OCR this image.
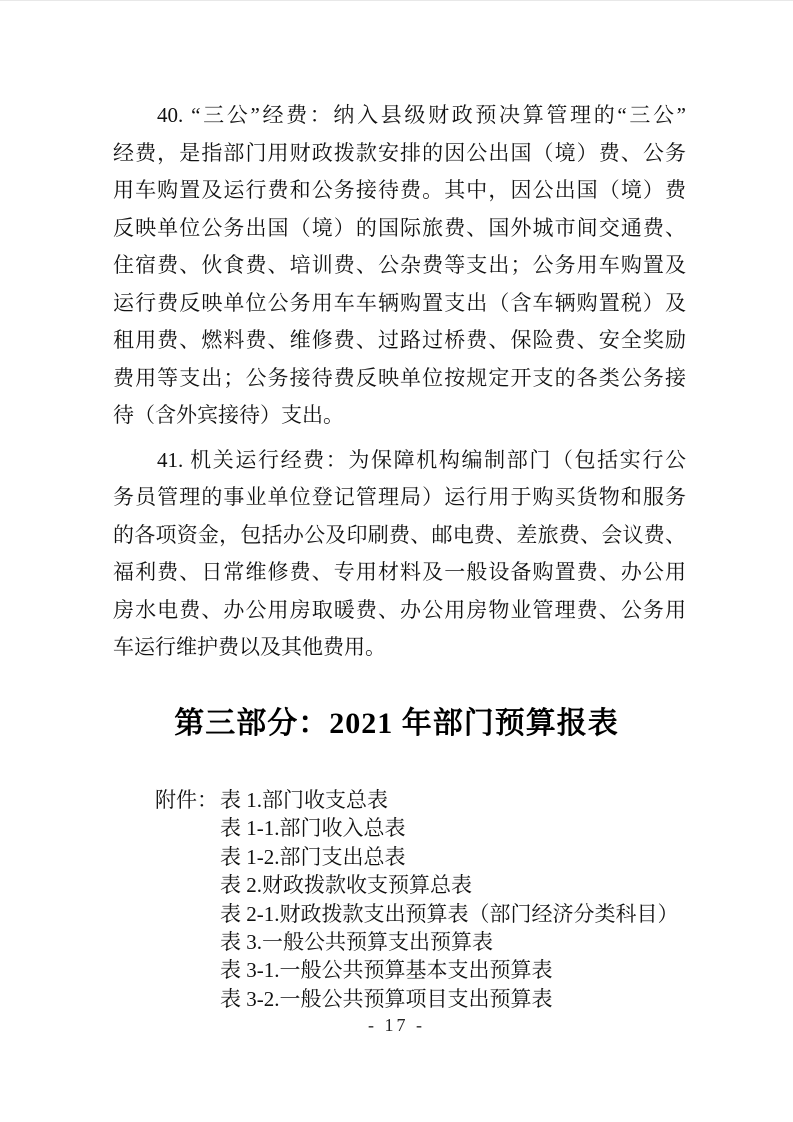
40. “三公”经费：纳入县级财政预决算管理的“三公”
经费，是指部门用财政拨款安排的因公出国（境）费、公务
用车购置及运行费和公务接待费。其中，因公出国（境）费
反映单位公务出国（境）的国际旅费、国外城市间交通费、
住宿费、伙食费、培训费、公杂费等支出；公务用车购置及
运行费反映单位公务用车车辆购置支出（含车辆购置税）及
租用费、燃料费、维修费、过路过桥费、保险费、安全奖励
费用等支出；公务接待费反映单位按规定开支的各类公务接
待（含外宾接待）支出。
41. 机关运行经费：为保障机构编制部门（包括实行公
务员管理的事业单位登记管理局）运行用于购买货物和服务
的各项资金，包括办公及印刷费、邮电费、差旅费、会议费、
福利费、日常维修费、专用材料及一般设备购置费、办公用
房水电费、办公用房取暖费、办公用房物业管理费、公务用
车运行维护费以及其他费用。
第三部分：2021 年部门预算报表
附件： 表 1.部门收支总表
表 1-1.部门收入总表
表 1-2.部门支出总表
表 2.财政拨款收支预算总表
表 2-1.财政拨款支出预算表（部门经济分类科目）
表 3.一般公共预算支出预算表
表 3-1.一般公共预算基本支出预算表
表 3-2.一般公共预算项目支出预算表
- 17 -
